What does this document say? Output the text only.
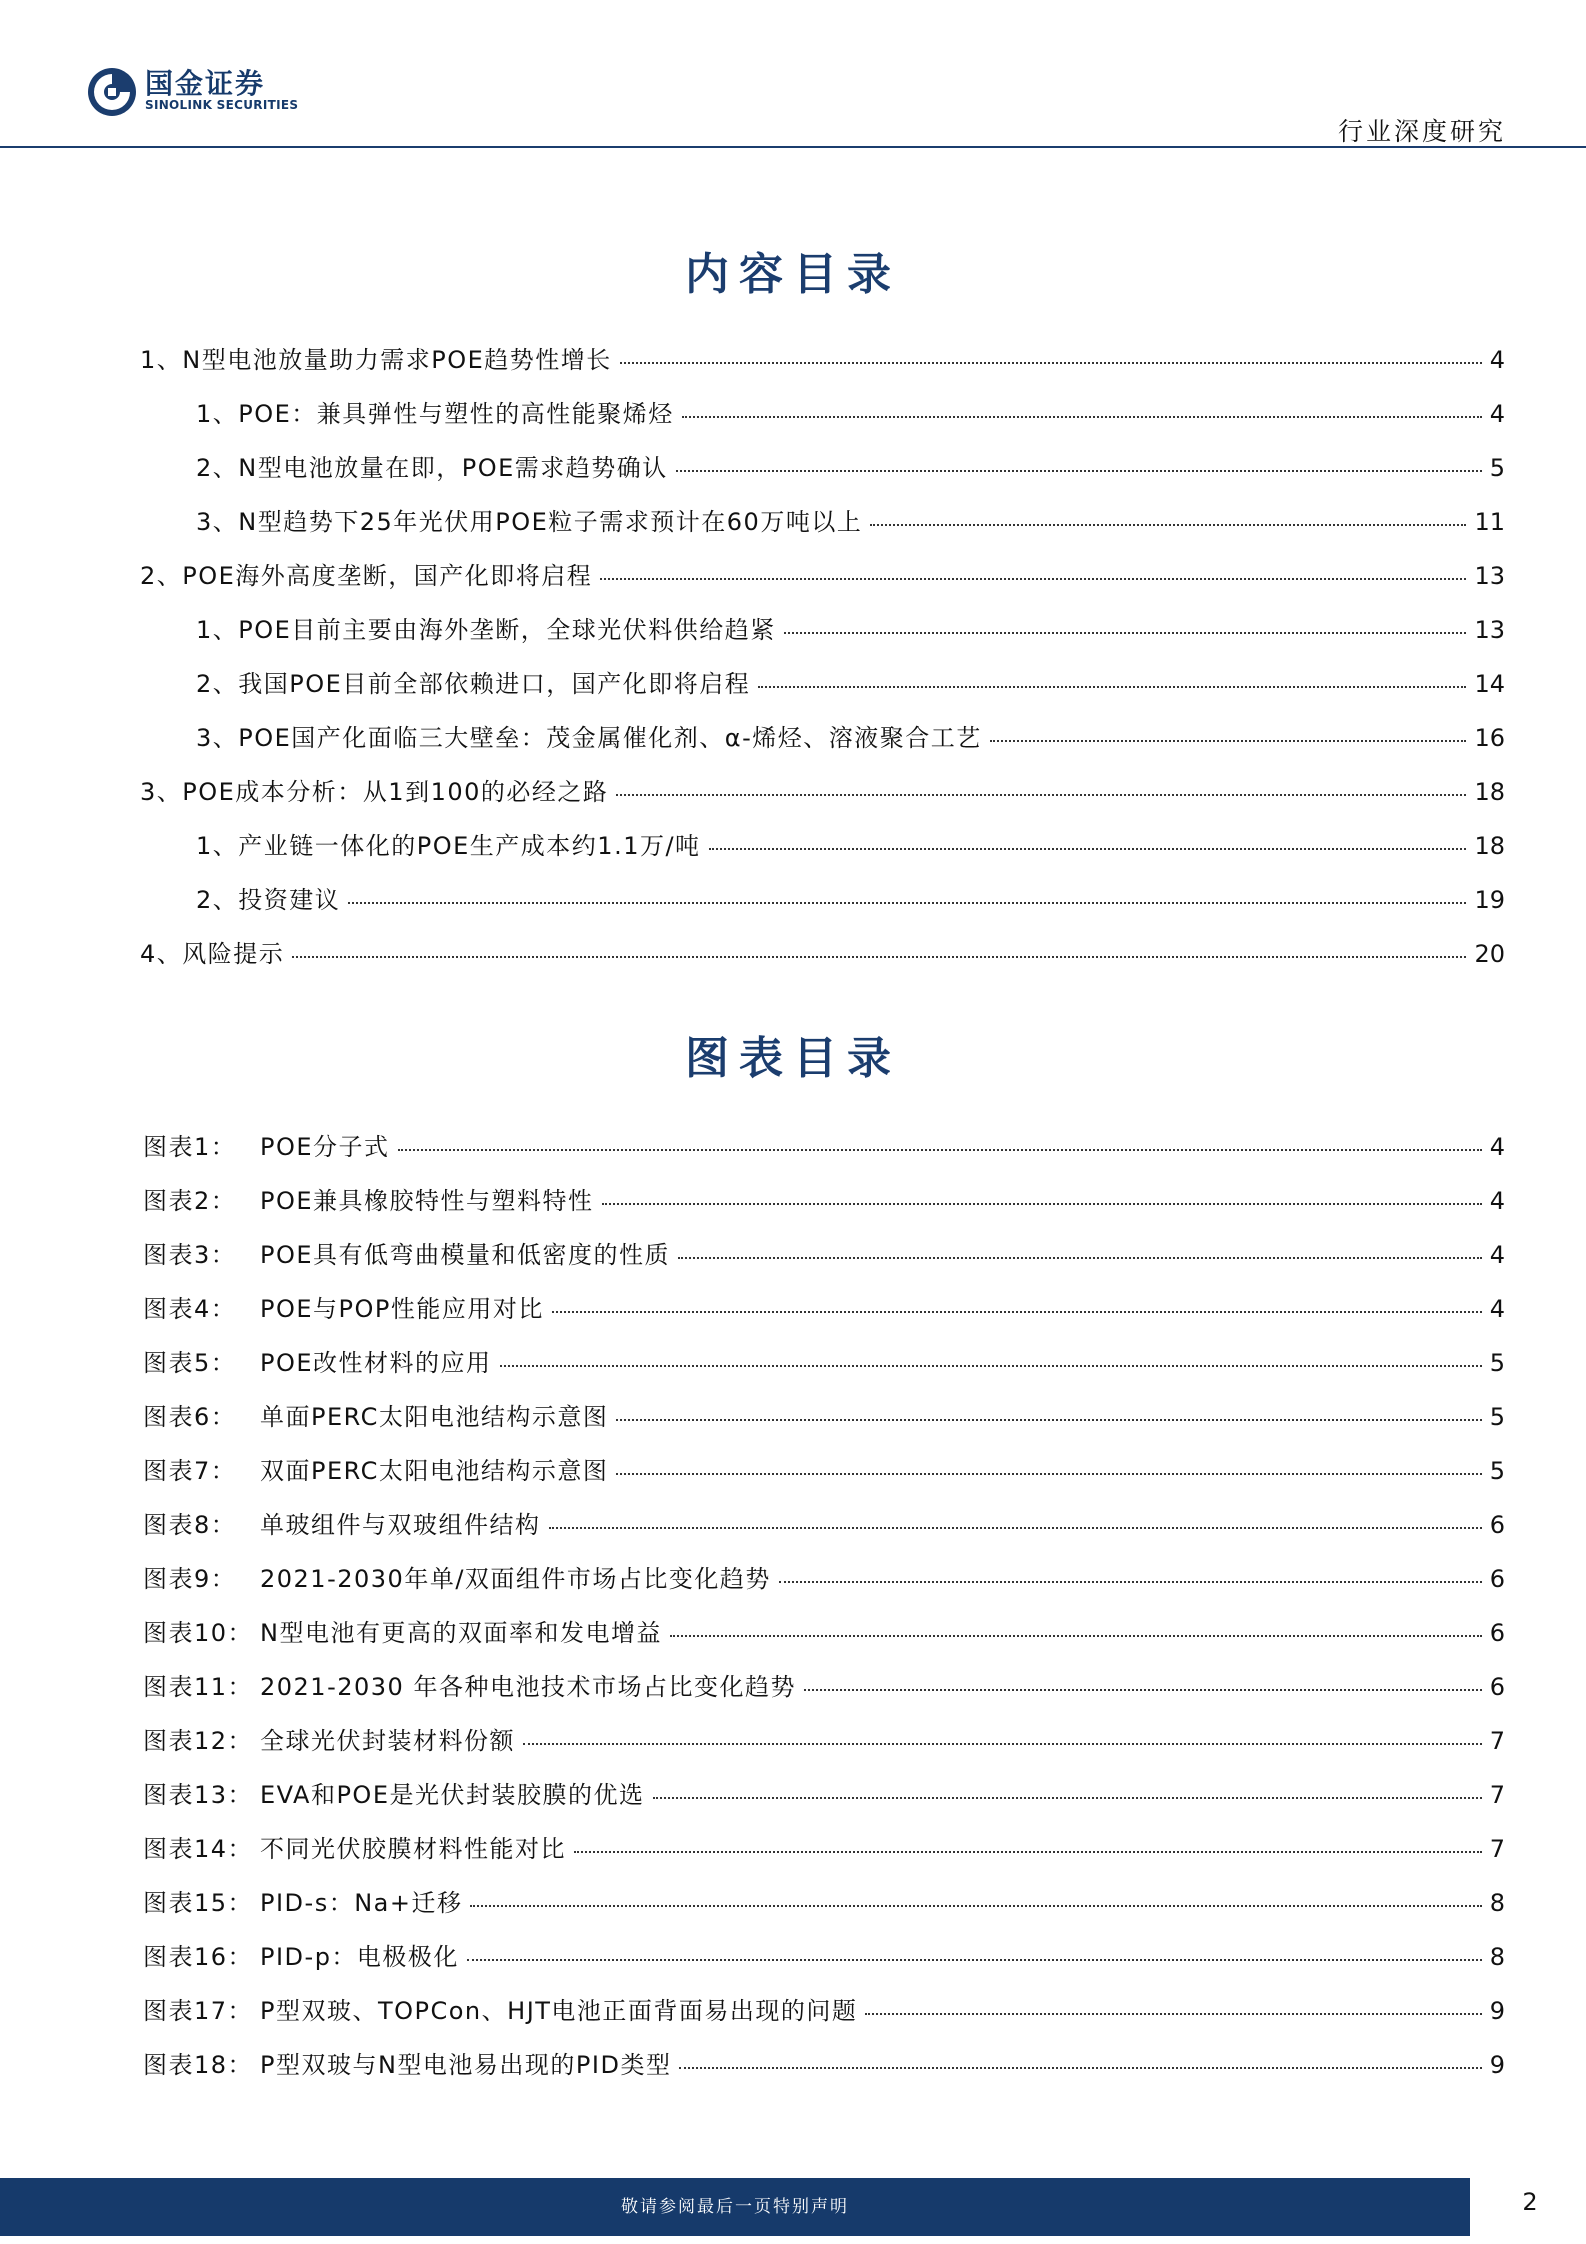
国金证券
SINOLINK SECURITIES
行业深度研究
内容目录
1、N型电池放量助力需求POE趋势性增长	4
1、POE：兼具弹性与塑性的高性能聚烯烃	4
2、N型电池放量在即，POE需求趋势确认	5
3、N型趋势下25年光伏用POE粒子需求预计在60万吨以上	11
2、POE海外高度垄断，国产化即将启程	13
1、POE目前主要由海外垄断，全球光伏料供给趋紧	13
2、我国POE目前全部依赖进口，国产化即将启程	14
3、POE国产化面临三大壁垒：茂金属催化剂、α-烯烃、溶液聚合工艺	16
3、POE成本分析：从1到100的必经之路	18
1、产业链一体化的POE生产成本约1.1万/吨	18
2、投资建议	19
4、风险提示	20
图表目录
图表1： POE分子式	4
图表2： POE兼具橡胶特性与塑料特性	4
图表3： POE具有低弯曲模量和低密度的性质	4
图表4： POE与POP性能应用对比	4
图表5： POE改性材料的应用	5
图表6： 单面PERC太阳电池结构示意图	5
图表7： 双面PERC太阳电池结构示意图	5
图表8： 单玻组件与双玻组件结构	6
图表9： 2021-2030年单/双面组件市场占比变化趋势	6
图表10： N型电池有更高的双面率和发电增益	6
图表11： 2021-2030 年各种电池技术市场占比变化趋势	6
图表12： 全球光伏封装材料份额	7
图表13： EVA和POE是光伏封装胶膜的优选	7
图表14： 不同光伏胶膜材料性能对比	7
图表15： PID-s：Na+迁移	8
图表16： PID-p：电极极化	8
图表17： P型双玻、TOPCon、HJT电池正面背面易出现的问题	9
图表18： P型双玻与N型电池易出现的PID类型	9
敬请参阅最后一页特别声明	2
